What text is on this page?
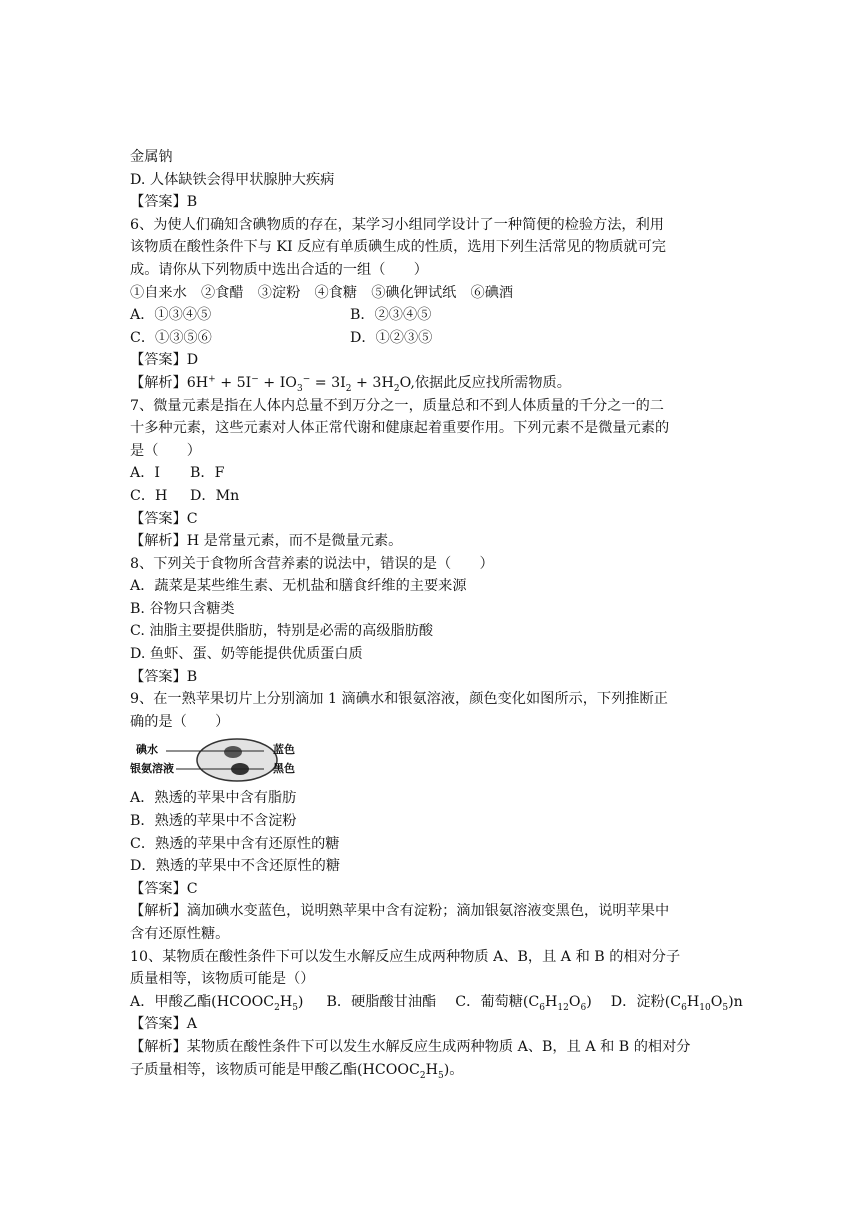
金属钠
D. 人体缺铁会得甲状腺肿大疾病
【答案】B
6、为使人们确知含碘物质的存在，某学习小组同学设计了一种简便的检验方法，利用
该物质在酸性条件下与 KI 反应有单质碘生成的性质，选用下列生活常见的物质就可完
成。请你从下列物质中选出合适的一组（　　）
①自来水　②食醋　③淀粉　④食糖　⑤碘化钾试纸　⑥碘酒
A．①③④⑤	B．②③④⑤
C．①③⑤⑥	D．①②③⑤
【答案】D
【解析】$6H^+ + 5I^- + IO_3^- = 3I_2 + 3H_2O$,依据此反应找所需物质。
7、微量元素是指在人体内总量不到万分之一，质量总和不到人体质量的千分之一的二
十多种元素，这些元素对人体正常代谢和健康起着重要作用。下列元素不是微量元素的
是（　　）
A．I B．F
C．H D．Mn
【答案】C
【解析】H 是常量元素，而不是微量元素。
8、下列关于食物所含营养素的说法中，错误的是（　　）
A．蔬菜是某些维生素、无机盐和膳食纤维的主要来源
B. 谷物只含糖类
C. 油脂主要提供脂肪，特别是必需的高级脂肪酸
D. 鱼虾、蛋、奶等能提供优质蛋白质
【答案】B
9、在一熟苹果切片上分别滴加 1 滴碘水和银氨溶液，颜色变化如图所示，下列推断正
确的是（　　）
碘水
银氨溶液
蓝色
黑色
A．熟透的苹果中含有脂肪
B．熟透的苹果中不含淀粉
C．熟透的苹果中含有还原性的糖
D．熟透的苹果中不含还原性的糖
【答案】C
【解析】滴加碘水变蓝色，说明熟苹果中含有淀粉；滴加银氨溶液变黑色，说明苹果中
含有还原性糖。
10、某物质在酸性条件下可以发生水解反应生成两种物质 A、B，且 A 和 B 的相对分子
质量相等，该物质可能是（）
A．甲酸乙酯$(HCOOC_2H_5)$ B．硬脂酸甘油酯 C．葡萄糖$(C_6H_{12}O_6)$ D．淀粉$(C_6H_{10}O_5)n$
【答案】A
【解析】某物质在酸性条件下可以发生水解反应生成两种物质 A、B，且 A 和 B 的相对分
子质量相等，该物质可能是甲酸乙酯$(HCOOC_2H_5)$。
